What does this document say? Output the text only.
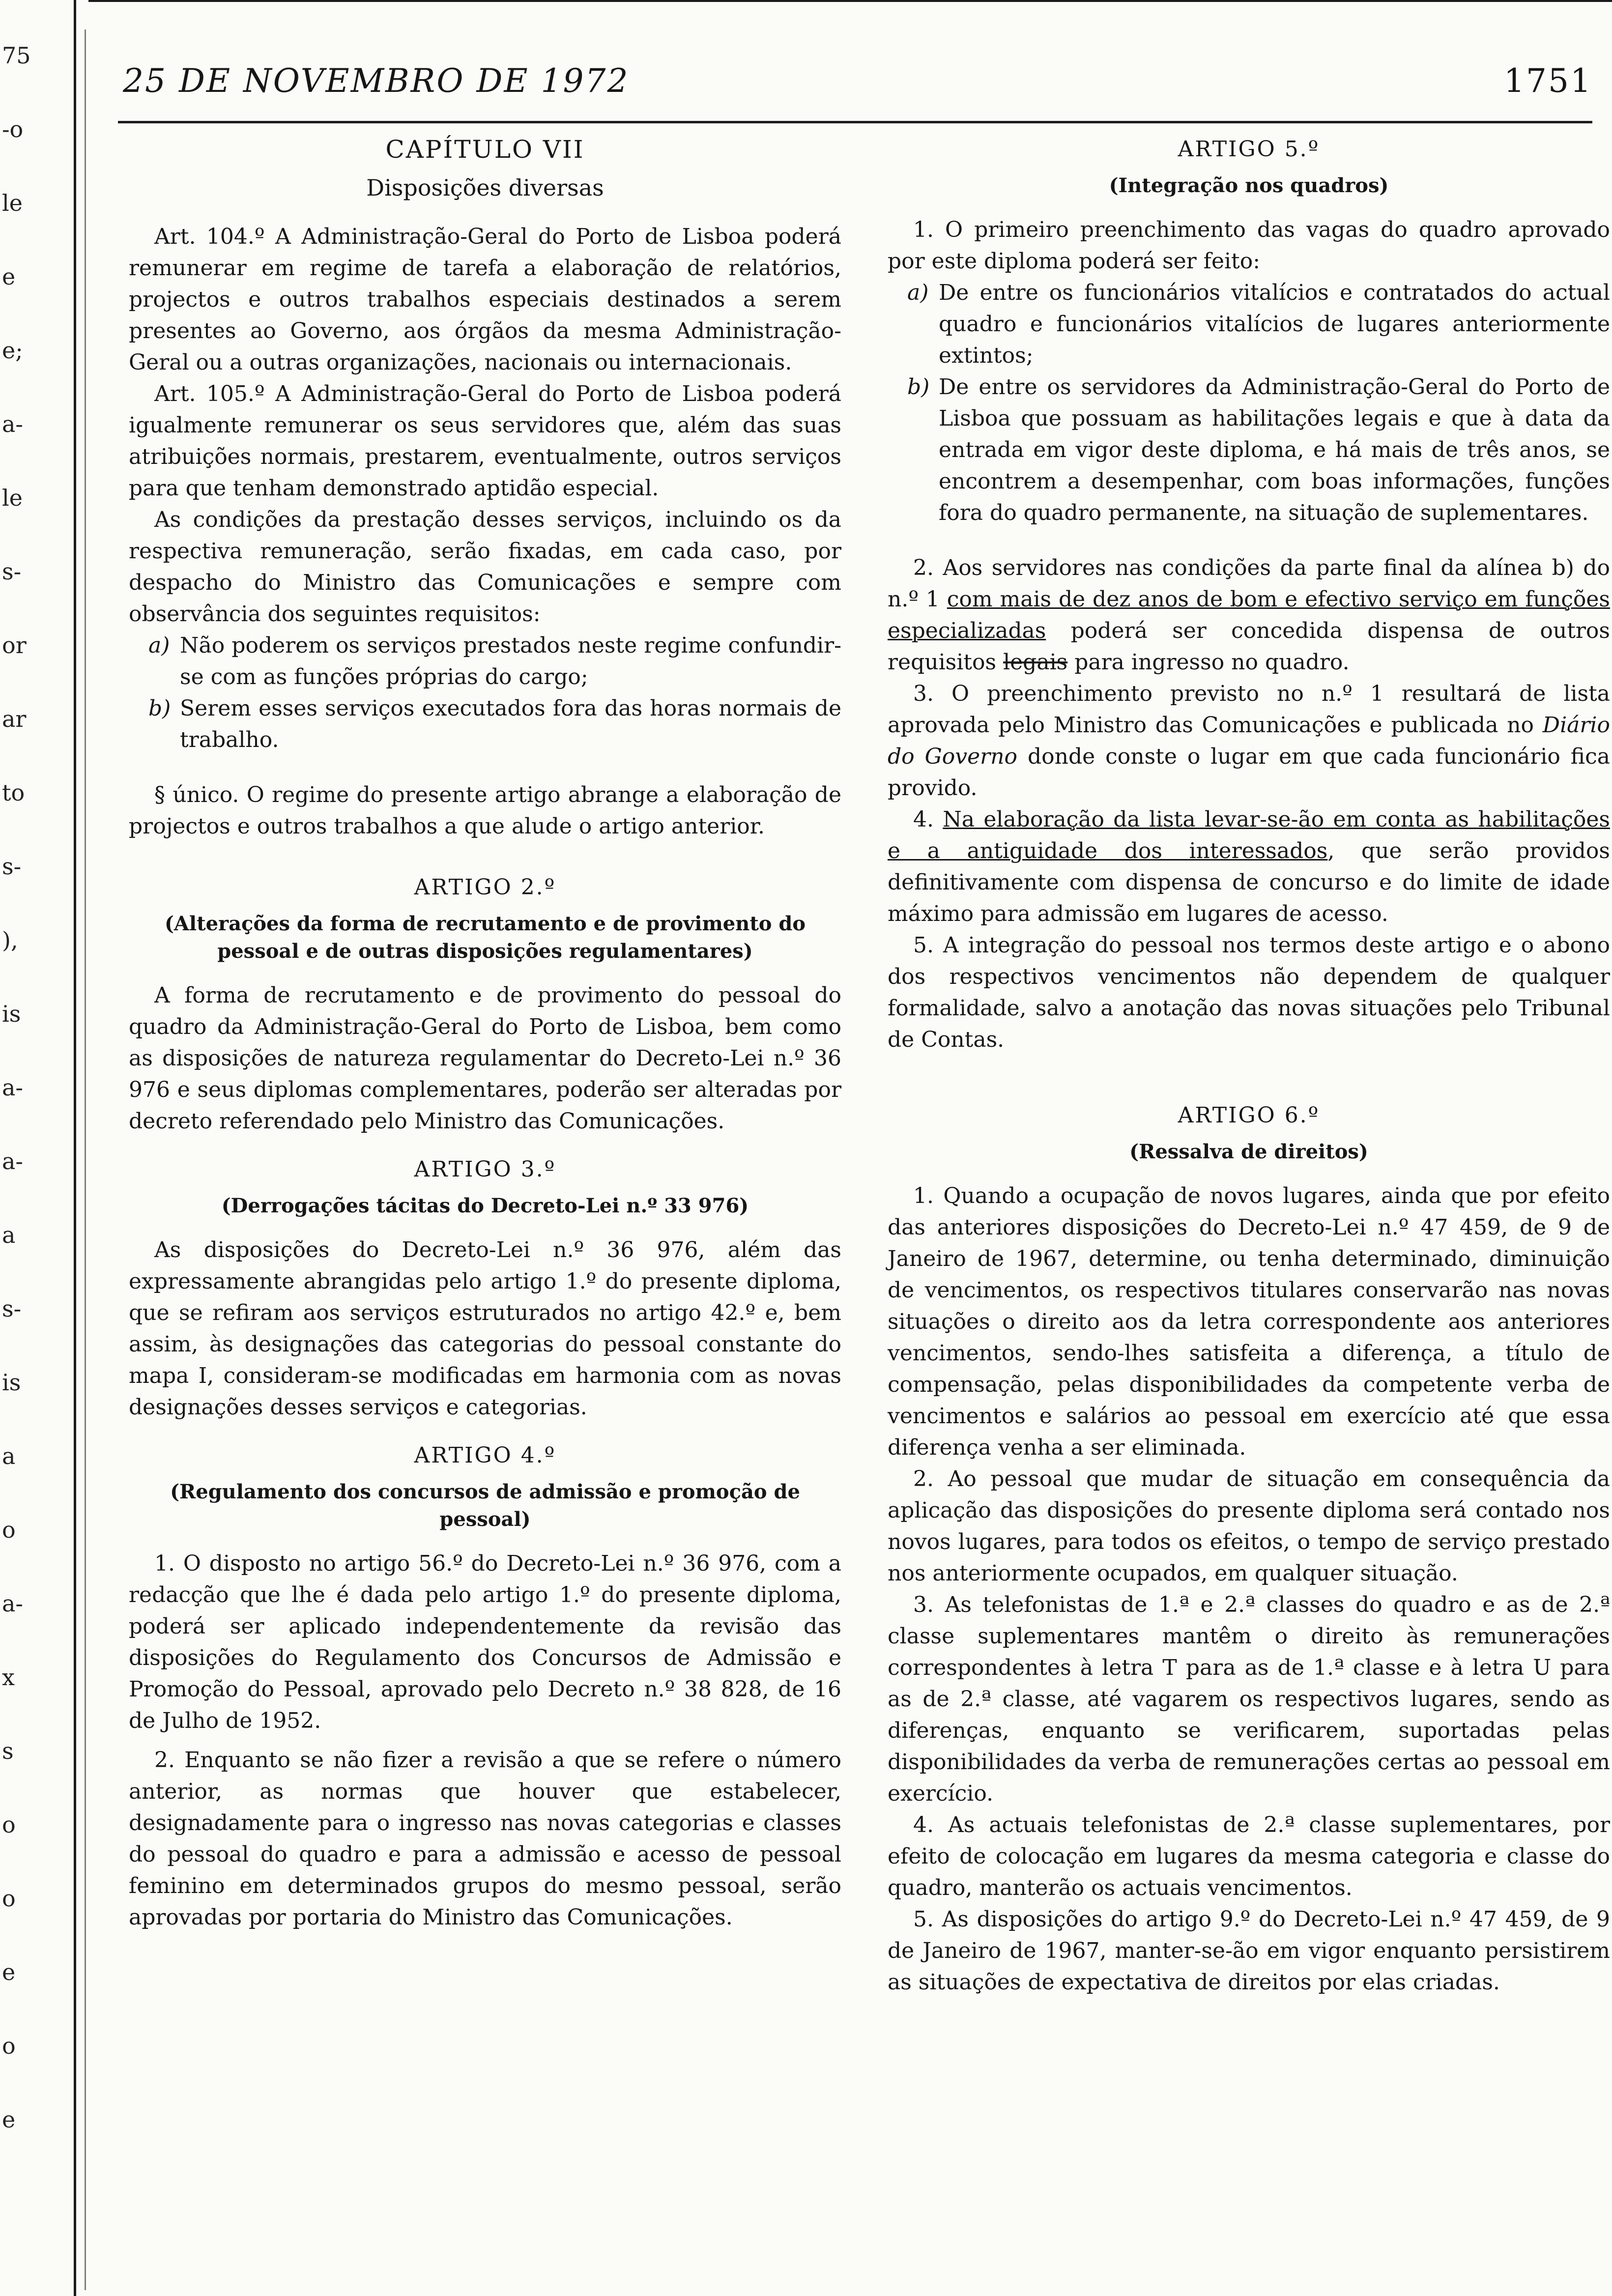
75
-o
le
e
e;
a-
le
s-
or
ar
to
s-
),
is
a-
a-
a
s-
is
a
o
a-
x
s
o
o
e
o
e
25 DE NOVEMBRO DE 1972	1751
CAPÍTULO VII
Disposições diversas

Art. 104.º A Administração-Geral do Porto de Lisboa poderá remunerar em regime de tarefa a elaboração de relatórios, projectos e outros trabalhos especiais destinados a serem presentes ao Governo, aos órgãos da mesma Administração-Geral ou a outras organizações, nacionais ou internacionais.

Art. 105.º A Administração-Geral do Porto de Lisboa poderá igualmente remunerar os seus servidores que, além das suas atribuições normais, prestarem, eventualmente, outros serviços para que tenham demonstrado aptidão especial.

As condições da prestação desses serviços, incluindo os da respectiva remuneração, serão fixadas, em cada caso, por despacho do Ministro das Comunicações e sempre com observância dos seguintes requisitos:

a) Não poderem os serviços prestados neste regime confundir-se com as funções próprias do cargo;
b) Serem esses serviços executados fora das horas normais de trabalho.

§ único. O regime do presente artigo abrange a elaboração de projectos e outros trabalhos a que alude o artigo anterior.

ARTIGO 2.º
(Alterações da forma de recrutamento e de provimento do pessoal e de outras disposições regulamentares)

A forma de recrutamento e de provimento do pessoal do quadro da Administração-Geral do Porto de Lisboa, bem como as disposições de natureza regulamentar do Decreto-Lei n.º 36 976 e seus diplomas complementares, poderão ser alteradas por decreto referendado pelo Ministro das Comunicações.

ARTIGO 3.º
(Derrogações tácitas do Decreto-Lei n.º 33 976)

As disposições do Decreto-Lei n.º 36 976, além das expressamente abrangidas pelo artigo 1.º do presente diploma, que se refiram aos serviços estruturados no artigo 42.º e, bem assim, às designações das categorias do pessoal constante do mapa I, consideram-se modificadas em harmonia com as novas designações desses serviços e categorias.

ARTIGO 4.º
(Regulamento dos concursos de admissão e promoção de pessoal)

1. O disposto no artigo 56.º do Decreto-Lei n.º 36 976, com a redacção que lhe é dada pelo artigo 1.º do presente diploma, poderá ser aplicado independentemente da revisão das disposições do Regulamento dos Concursos de Admissão e Promoção do Pessoal, aprovado pelo Decreto n.º 38 828, de 16 de Julho de 1952.

2. Enquanto se não fizer a revisão a que se refere o número anterior, as normas que houver que estabelecer, designadamente para o ingresso nas novas categorias e classes do pessoal do quadro e para a admissão e acesso de pessoal feminino em determinados grupos do mesmo pessoal, serão aprovadas por portaria do Ministro das Comunicações.

ARTIGO 5.º
(Integração nos quadros)

1. O primeiro preenchimento das vagas do quadro aprovado por este diploma poderá ser feito:

a) De entre os funcionários vitalícios e contratados do actual quadro e funcionários vitalícios de lugares anteriormente extintos;
b) De entre os servidores da Administração-Geral do Porto de Lisboa que possuam as habilitações legais e que à data da entrada em vigor deste diploma, e há mais de três anos, se encontrem a desempenhar, com boas informações, funções fora do quadro permanente, na situação de suplementares.

2. Aos servidores nas condições da parte final da alínea b) do n.º 1 com mais de dez anos de bom e efectivo serviço em funções especializadas poderá ser concedida dispensa de outros requisitos legais para ingresso no quadro.

3. O preenchimento previsto no n.º 1 resultará de lista aprovada pelo Ministro das Comunicações e publicada no Diário do Governo donde conste o lugar em que cada funcionário fica provido.

4. Na elaboração da lista levar-se-ão em conta as habilitações e a antiguidade dos interessados, que serão providos definitivamente com dispensa de concurso e do limite de idade máximo para admissão em lugares de acesso.

5. A integração do pessoal nos termos deste artigo e o abono dos respectivos vencimentos não dependem de qualquer formalidade, salvo a anotação das novas situações pelo Tribunal de Contas.

ARTIGO 6.º
(Ressalva de direitos)

1. Quando a ocupação de novos lugares, ainda que por efeito das anteriores disposições do Decreto-Lei n.º 47 459, de 9 de Janeiro de 1967, determine, ou tenha determinado, diminuição de vencimentos, os respectivos titulares conservarão nas novas situações o direito aos da letra correspondente aos anteriores vencimentos, sendo-lhes satisfeita a diferença, a título de compensação, pelas disponibilidades da competente verba de vencimentos e salários ao pessoal em exercício até que essa diferença venha a ser eliminada.

2. Ao pessoal que mudar de situação em consequência da aplicação das disposições do presente diploma será contado nos novos lugares, para todos os efeitos, o tempo de serviço prestado nos anteriormente ocupados, em qualquer situação.

3. As telefonistas de 1.ª e 2.ª classes do quadro e as de 2.ª classe suplementares mantêm o direito às remunerações correspondentes à letra T para as de 1.ª classe e à letra U para as de 2.ª classe, até vagarem os respectivos lugares, sendo as diferenças, enquanto se verificarem, suportadas pelas disponibilidades da verba de remunerações certas ao pessoal em exercício.

4. As actuais telefonistas de 2.ª classe suplementares, por efeito de colocação em lugares da mesma categoria e classe do quadro, manterão os actuais vencimentos.

5. As disposições do artigo 9.º do Decreto-Lei n.º 47 459, de 9 de Janeiro de 1967, manter-se-ão em vigor enquanto persistirem as situações de expectativa de direitos por elas criadas.
